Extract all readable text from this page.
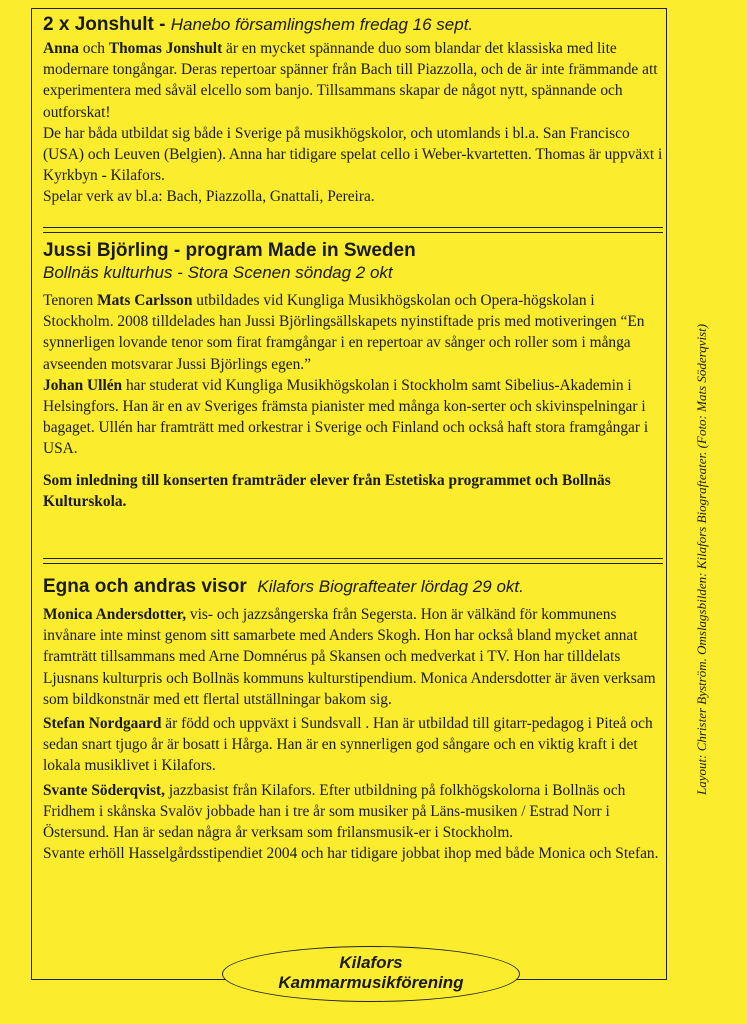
2 x Jonshult - Hanebo församlingshem fredag 16 sept.

Anna och Thomas Jonshult är en mycket spännande duo som blandar det klassiska med lite modernare tongångar. Deras repertoar spänner från Bach till Piazzolla, och de är inte främmande att experimentera med såväl elcello som banjo. Tillsammans skapar de något nytt, spännande och outforskat!

De har båda utbildat sig både i Sverige på musikhögskolor, och utomlands i bl.a. San Francisco (USA) och Leuven (Belgien). Anna har tidigare spelat cello i Weber-kvartetten. Thomas är uppväxt i Kyrkbyn - Kilafors.

Spelar verk av bl.a: Bach, Piazzolla, Gnattali, Pereira.

Jussi Björling - program Made in Sweden
Bollnäs kulturhus - Stora Scenen söndag 2 okt

Tenoren Mats Carlsson utbildades vid Kungliga Musikhögskolan och Opera-högskolan i Stockholm. 2008 tilldelades han Jussi Björlingsällskapets nyinstiftade pris med motiveringen “En synnerligen lovande tenor som firat framgångar i en repertoar av sånger och roller som i många avseenden motsvarar Jussi Björlings egen.”

Johan Ullén har studerat vid Kungliga Musikhögskolan i Stockholm samt Sibelius-Akademin i Helsingfors. Han är en av Sveriges främsta pianister med många kon-serter och skivinspelningar i bagaget. Ullén har framträtt med orkestrar i Sverige och Finland och också haft stora framgångar i USA.

Som inledning till konserten framträder elever från Estetiska programmet och Bollnäs Kulturskola.

Egna och andras visor Kilafors Biografteater lördag 29 okt.

Monica Andersdotter, vis- och jazzsångerska från Segersta. Hon är välkänd för kommunens invånare inte minst genom sitt samarbete med Anders Skogh. Hon har också bland mycket annat framträtt tillsammans med Arne Domnérus på Skansen och medverkat i TV. Hon har tilldelats Ljusnans kulturpris och Bollnäs kommuns kulturstipendium. Monica Andersdotter är även verksam som bildkonstnär med ett flertal utställningar bakom sig.

Stefan Nordgaard är född och uppväxt i Sundsvall . Han är utbildad till gitarr-pedagog i Piteå och sedan snart tjugo år är bosatt i Hårga. Han är en synnerligen god sångare och en viktig kraft i det lokala musiklivet i Kilafors.

Svante Söderqvist, jazzbasist från Kilafors. Efter utbildning på folkhögskolorna i Bollnäs och Fridhem i skånska Svalöv jobbade han i tre år som musiker på Läns-musiken / Estrad Norr i Östersund. Han är sedan några år verksam som frilansmusik-er i Stockholm.

Svante erhöll Hasselgårdsstipendiet 2004 och har tidigare jobbat ihop med både Monica och Stefan.

Layout: Christer Byström. Omslagsbilden: Kilafors Biografteater. (Foto: Mats Söderqvist)
Kilafors
Kammarmusikförening
